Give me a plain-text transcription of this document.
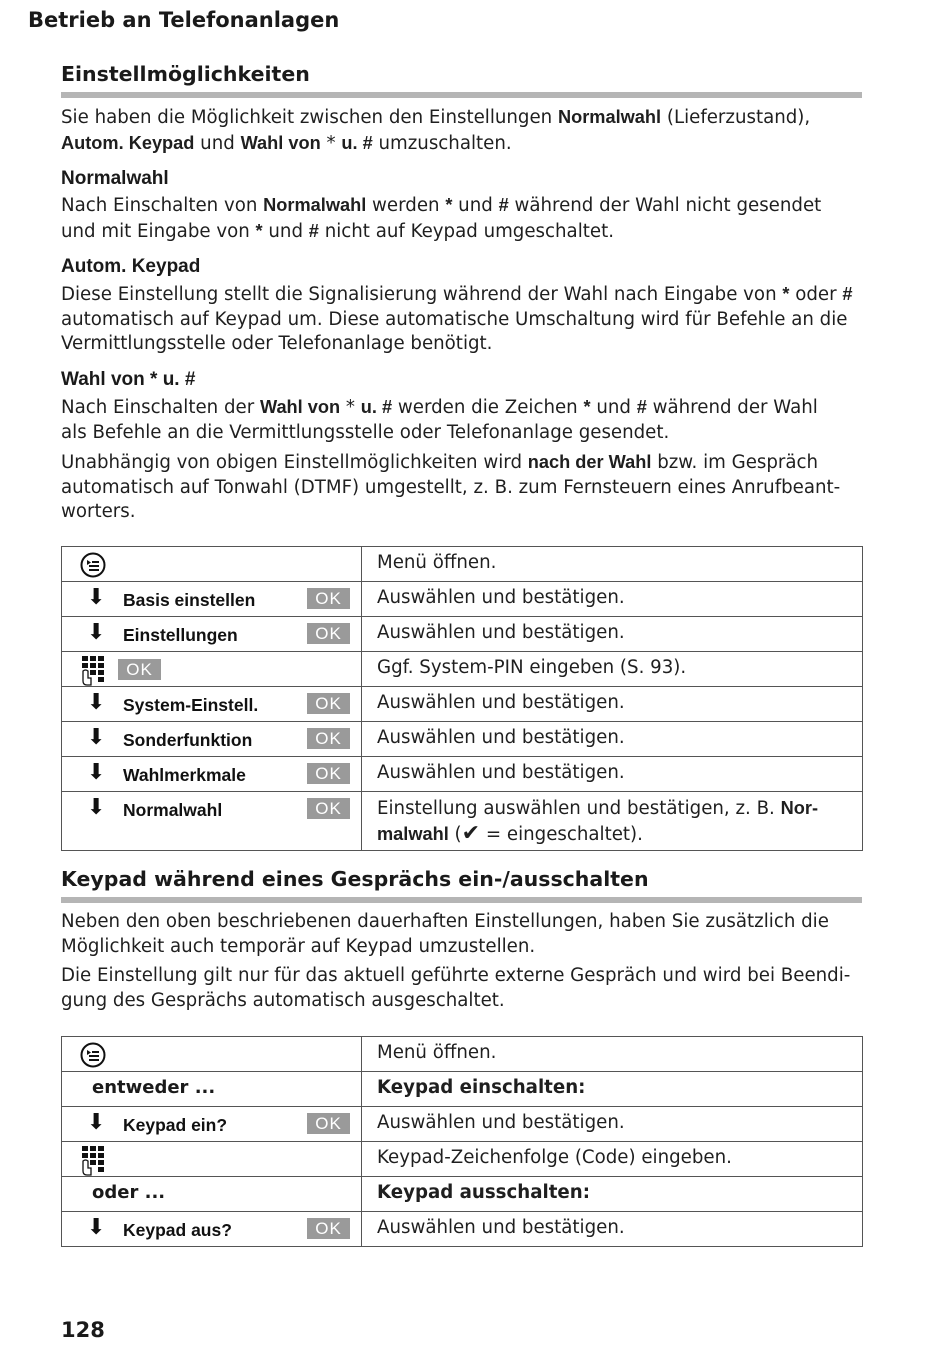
Betrieb an Telefonanlagen
Einstellmöglichkeiten
Sie haben die Möglichkeit zwischen den Einstellungen Normalwahl (Lieferzustand),
Autom. Keypad und Wahl von * u. # umzuschalten.
Normalwahl
Nach Einschalten von Normalwahl werden * und # während der Wahl nicht gesendet
und mit Eingabe von * und # nicht auf Keypad umgeschaltet.
Autom. Keypad
Diese Einstellung stellt die Signalisierung während der Wahl nach Eingabe von * oder #
automatisch auf Keypad um. Diese automatische Umschaltung wird für Befehle an die
Vermittlungsstelle oder Telefonanlage benötigt.
Wahl von * u. #
Nach Einschalten der Wahl von * u. # werden die Zeichen * und # während der Wahl
als Befehle an die Vermittlungsstelle oder Telefonanlage gesendet.
Unabhängig von obigen Einstellmöglichkeiten wird nach der Wahl bzw. im Gespräch
automatisch auf Tonwahl (DTMF) umgestellt, z. B. zum Fernsteuern eines Anrufbeant-
worters.
	Menü öffnen.

⬇ Basis einstellen OK	Auswählen und bestätigen.

⬇ Einstellungen OK	Auswählen und bestätigen.

OK	Ggf. System-PIN eingeben (S. 93).

⬇ System-Einstell. OK	Auswählen und bestätigen.

⬇ Sonderfunktion OK	Auswählen und bestätigen.

⬇ Wahlmerkmale OK	Auswählen und bestätigen.

⬇ Normalwahl OK	Einstellung auswählen und bestätigen, z. B. Nor-
malwahl (✔ = eingeschaltet).
Keypad während eines Gesprächs ein-/ausschalten
Neben den oben beschriebenen dauerhaften Einstellungen, haben Sie zusätzlich die
Möglichkeit auch temporär auf Keypad umzustellen.
Die Einstellung gilt nur für das aktuell geführte externe Gespräch und wird bei Beendi-
gung des Gesprächs automatisch ausgeschaltet.
	Menü öffnen.

entweder ...	Keypad einschalten:

⬇ Keypad ein? OK	Auswählen und bestätigen.

	Keypad-Zeichenfolge (Code) eingeben.

oder ...	Keypad ausschalten:

⬇ Keypad aus? OK	Auswählen und bestätigen.
128
